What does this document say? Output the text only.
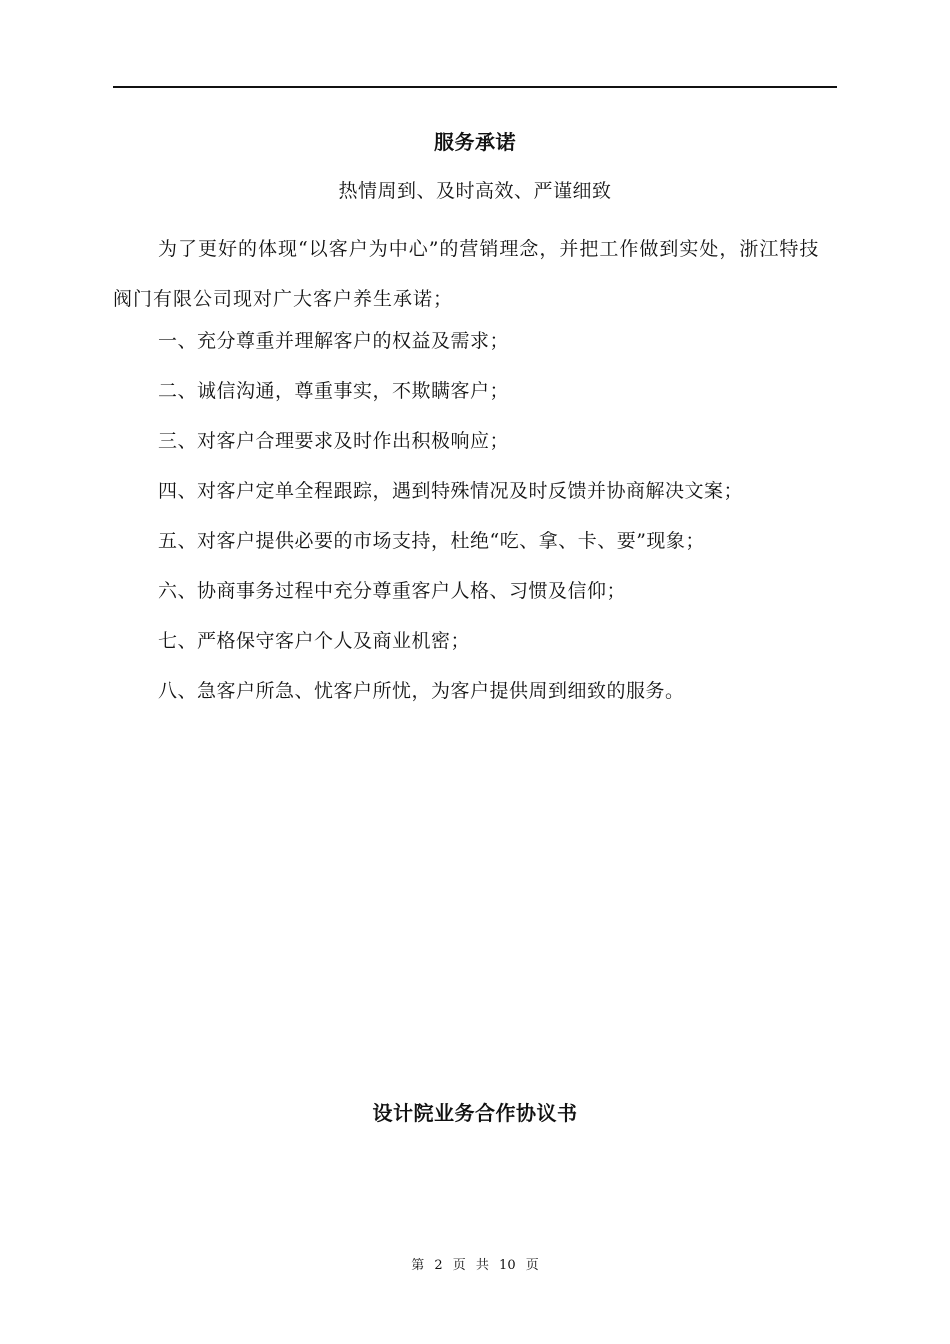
服务承诺
热情周到、及时高效、严谨细致
为了更好的体现“以客户为中心”的营销理念，并把工作做到实处，浙江特技阀门有限公司现对广大客户养生承诺；
一、充分尊重并理解客户的权益及需求；
二、诚信沟通，尊重事实，不欺瞒客户；
三、对客户合理要求及时作出积极响应；
四、对客户定单全程跟踪，遇到特殊情况及时反馈并协商解决文案；
五、对客户提供必要的市场支持，杜绝“吃、拿、卡、要”现象；
六、协商事务过程中充分尊重客户人格、习惯及信仰；
七、严格保守客户个人及商业机密；
八、急客户所急、忧客户所忧，为客户提供周到细致的服务。
设计院业务合作协议书
第 2 页 共 10 页
